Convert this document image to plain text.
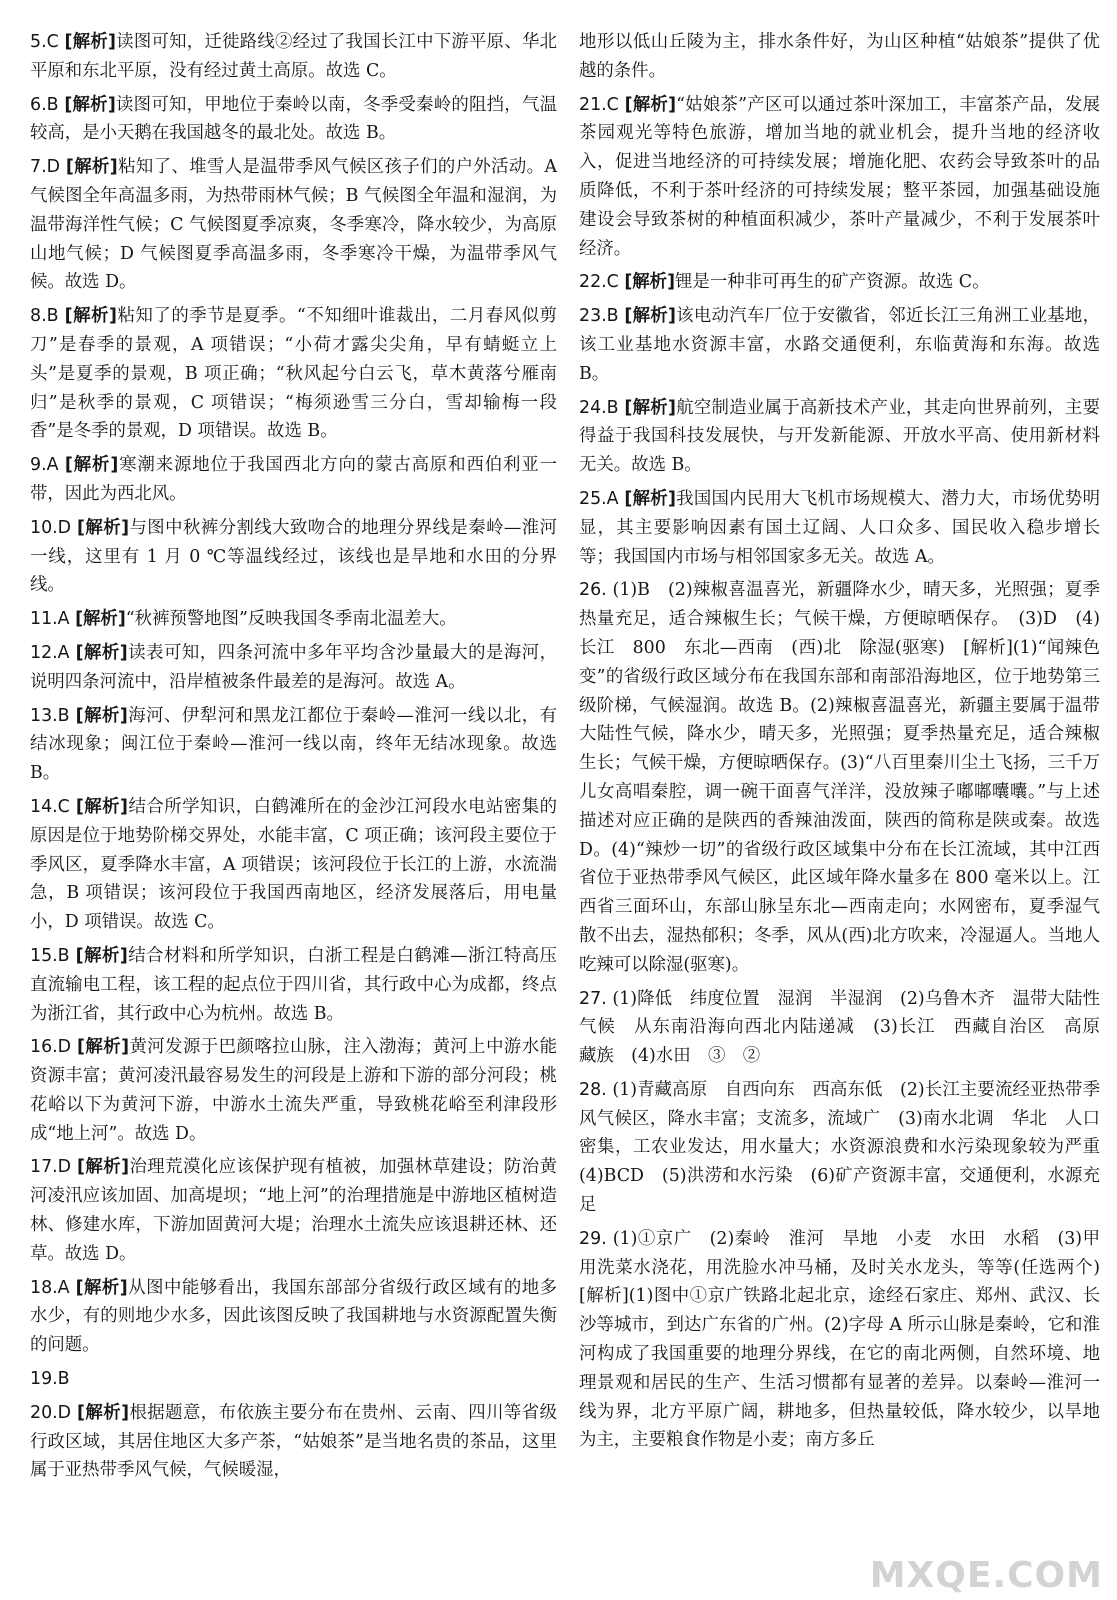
5.C [解析]读图可知，迁徙路线②经过了我国长江中下游平原、华北平原和东北平原，没有经过黄土高原。故选 C。

6.B [解析]读图可知，甲地位于秦岭以南，冬季受秦岭的阻挡，气温较高，是小天鹅在我国越冬的最北处。故选 B。

7.D [解析]粘知了、堆雪人是温带季风气候区孩子们的户外活动。A 气候图全年高温多雨，为热带雨林气候；B 气候图全年温和湿润，为温带海洋性气候；C 气候图夏季凉爽，冬季寒冷，降水较少，为高原山地气候；D 气候图夏季高温多雨，冬季寒冷干燥，为温带季风气候。故选 D。

8.B [解析]粘知了的季节是夏季。“不知细叶谁裁出，二月春风似剪刀”是春季的景观，A 项错误；“小荷才露尖尖角，早有蜻蜓立上头”是夏季的景观，B 项正确；“秋风起兮白云飞，草木黄落兮雁南归”是秋季的景观，C 项错误；“梅须逊雪三分白，雪却输梅一段香”是冬季的景观，D 项错误。故选 B。

9.A [解析]寒潮来源地位于我国西北方向的蒙古高原和西伯利亚一带，因此为西北风。

10.D [解析]与图中秋裤分割线大致吻合的地理分界线是秦岭—淮河一线，这里有 1 月 0 ℃等温线经过，该线也是旱地和水田的分界线。

11.A [解析]“秋裤预警地图”反映我国冬季南北温差大。

12.A [解析]读表可知，四条河流中多年平均含沙量最大的是海河，说明四条河流中，沿岸植被条件最差的是海河。故选 A。

13.B [解析]海河、伊犁河和黑龙江都位于秦岭—淮河一线以北，有结冰现象；闽江位于秦岭—淮河一线以南，终年无结冰现象。故选 B。

14.C [解析]结合所学知识，白鹤滩所在的金沙江河段水电站密集的原因是位于地势阶梯交界处，水能丰富，C 项正确；该河段主要位于季风区，夏季降水丰富，A 项错误；该河段位于长江的上游，水流湍急，B 项错误；该河段位于我国西南地区，经济发展落后，用电量小，D 项错误。故选 C。

15.B [解析]结合材料和所学知识，白浙工程是白鹤滩—浙江特高压直流输电工程，该工程的起点位于四川省，其行政中心为成都，终点为浙江省，其行政中心为杭州。故选 B。

16.D [解析]黄河发源于巴颜喀拉山脉，注入渤海；黄河上中游水能资源丰富；黄河凌汛最容易发生的河段是上游和下游的部分河段；桃花峪以下为黄河下游，中游水土流失严重，导致桃花峪至利津段形成“地上河”。故选 D。

17.D [解析]治理荒漠化应该保护现有植被，加强林草建设；防治黄河凌汛应该加固、加高堤坝；“地上河”的治理措施是中游地区植树造林、修建水库，下游加固黄河大堤；治理水土流失应该退耕还林、还草。故选 D。

18.A [解析]从图中能够看出，我国东部部分省级行政区域有的地多水少，有的则地少水多，因此该图反映了我国耕地与水资源配置失衡的问题。

19.B

20.D [解析]根据题意，布依族主要分布在贵州、云南、四川等省级行政区域，其居住地区大多产茶，“姑娘茶”是当地名贵的茶品，这里属于亚热带季风气候，气候暖湿，

地形以低山丘陵为主，排水条件好，为山区种植“姑娘茶”提供了优越的条件。

21.C [解析]“姑娘茶”产区可以通过茶叶深加工，丰富茶产品，发展茶园观光等特色旅游，增加当地的就业机会，提升当地的经济收入，促进当地经济的可持续发展；增施化肥、农药会导致茶叶的品质降低，不利于茶叶经济的可持续发展；整平茶园，加强基础设施建设会导致茶树的种植面积减少，茶叶产量减少，不利于发展茶叶经济。

22.C [解析]锂是一种非可再生的矿产资源。故选 C。

23.B [解析]该电动汽车厂位于安徽省，邻近长江三角洲工业基地，该工业基地水资源丰富，水路交通便利，东临黄海和东海。故选 B。

24.B [解析]航空制造业属于高新技术产业，其走向世界前列，主要得益于我国科技发展快，与开发新能源、开放水平高、使用新材料无关。故选 B。

25.A [解析]我国国内民用大飞机市场规模大、潜力大，市场优势明显，其主要影响因素有国土辽阔、人口众多、国民收入稳步增长等；我国国内市场与相邻国家多无关。故选 A。

26. (1)B　(2)辣椒喜温喜光，新疆降水少，晴天多，光照强；夏季热量充足，适合辣椒生长；气候干燥，方便晾晒保存。　(3)D　(4)长江　800　东北—西南　(西)北　除湿(驱寒)　[解析](1)“闻辣色变”的省级行政区域分布在我国东部和南部沿海地区，位于地势第三级阶梯，气候湿润。故选 B。(2)辣椒喜温喜光，新疆主要属于温带大陆性气候，降水少，晴天多，光照强；夏季热量充足，适合辣椒生长；气候干燥，方便晾晒保存。(3)“八百里秦川尘土飞扬，三千万儿女高唱秦腔，调一碗干面喜气洋洋，没放辣子嘟嘟囔囔。”与上述描述对应正确的是陕西的香辣油泼面，陕西的简称是陕或秦。故选 D。(4)“辣炒一切”的省级行政区域集中分布在长江流域，其中江西省位于亚热带季风气候区，此区域年降水量多在 800 毫米以上。江西省三面环山，东部山脉呈东北—西南走向；水网密布，夏季湿气散不出去，湿热郁积；冬季，风从(西)北方吹来，冷湿逼人。当地人吃辣可以除湿(驱寒)。

27. (1)降低　纬度位置　湿润　半湿润　(2)乌鲁木齐　温带大陆性气候　从东南沿海向西北内陆递减　(3)长江　西藏自治区　高原　藏族　(4)水田　③　②

28. (1)青藏高原　自西向东　西高东低　(2)长江主要流经亚热带季风气候区，降水丰富；支流多，流域广　(3)南水北调　华北　人口密集，工农业发达，用水量大；水资源浪费和水污染现象较为严重　(4)BCD　(5)洪涝和水污染　(6)矿产资源丰富，交通便利，水源充足

29. (1)①京广　(2)秦岭　淮河　旱地　小麦　水田　水稻　(3)甲　用洗菜水浇花，用洗脸水冲马桶，及时关水龙头，等等(任选两个)　[解析](1)图中①京广铁路北起北京，途经石家庄、郑州、武汉、长沙等城市，到达广东省的广州。(2)字母 A 所示山脉是秦岭，它和淮河构成了我国重要的地理分界线，在它的南北两侧，自然环境、地理景观和居民的生产、生活习惯都有显著的差异。以秦岭—淮河一线为界，北方平原广阔，耕地多，但热量较低，降水较少，以旱地为主，主要粮食作物是小麦；南方多丘

MXQE.COM
